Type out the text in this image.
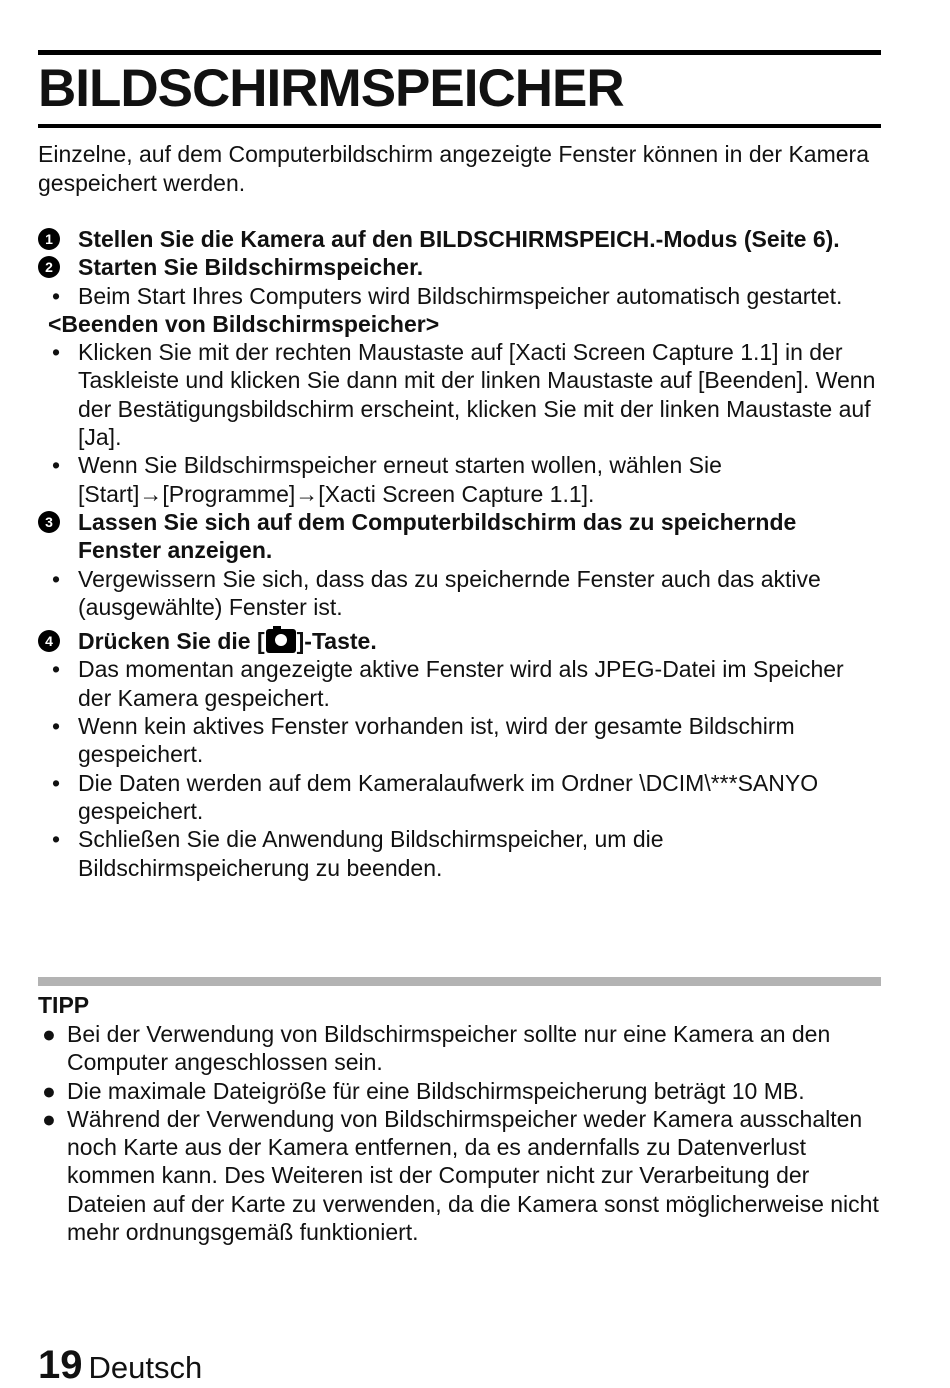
BILDSCHIRMSPEICHER

Einzelne, auf dem Computerbildschirm angezeigte Fenster können in der Kamera gespeichert werden.

1	Stellen Sie die Kamera auf den BILDSCHIRMSPEICH.-Modus (Seite 6).
2	Starten Sie Bildschirmspeicher.
• Beim Start Ihres Computers wird Bildschirmspeicher automatisch gestartet.
<Beenden von Bildschirmspeicher>
• Klicken Sie mit der rechten Maustaste auf [Xacti Screen Capture 1.1] in der Taskleiste und klicken Sie dann mit der linken Maustaste auf [Beenden]. Wenn der Bestätigungsbildschirm erscheint, klicken Sie mit der linken Maustaste auf [Ja].
• Wenn Sie Bildschirmspeicher erneut starten wollen, wählen Sie [Start]→[Programme]→[Xacti Screen Capture 1.1].
3	Lassen Sie sich auf dem Computerbildschirm das zu speichernde Fenster anzeigen.
• Vergewissern Sie sich, dass das zu speichernde Fenster auch das aktive (ausgewählte) Fenster ist.
4	Drücken Sie die [ ]-Taste.
• Das momentan angezeigte aktive Fenster wird als JPEG-Datei im Speicher der Kamera gespeichert.
• Wenn kein aktives Fenster vorhanden ist, wird der gesamte Bildschirm gespeichert.
• Die Daten werden auf dem Kameralaufwerk im Ordner \DCIM\***SANYO gespeichert.
• Schließen Sie die Anwendung Bildschirmspeicher, um die Bildschirmspeicherung zu beenden.
TIPP
● Bei der Verwendung von Bildschirmspeicher sollte nur eine Kamera an den Computer angeschlossen sein.
● Die maximale Dateigröße für eine Bildschirmspeicherung beträgt 10 MB.
● Während der Verwendung von Bildschirmspeicher weder Kamera ausschalten noch Karte aus der Kamera entfernen, da es andernfalls zu Datenverlust kommen kann. Des Weiteren ist der Computer nicht zur Verarbeitung der Dateien auf der Karte zu verwenden, da die Kamera sonst möglicherweise nicht mehr ordnungsgemäß funktioniert.
19 Deutsch
